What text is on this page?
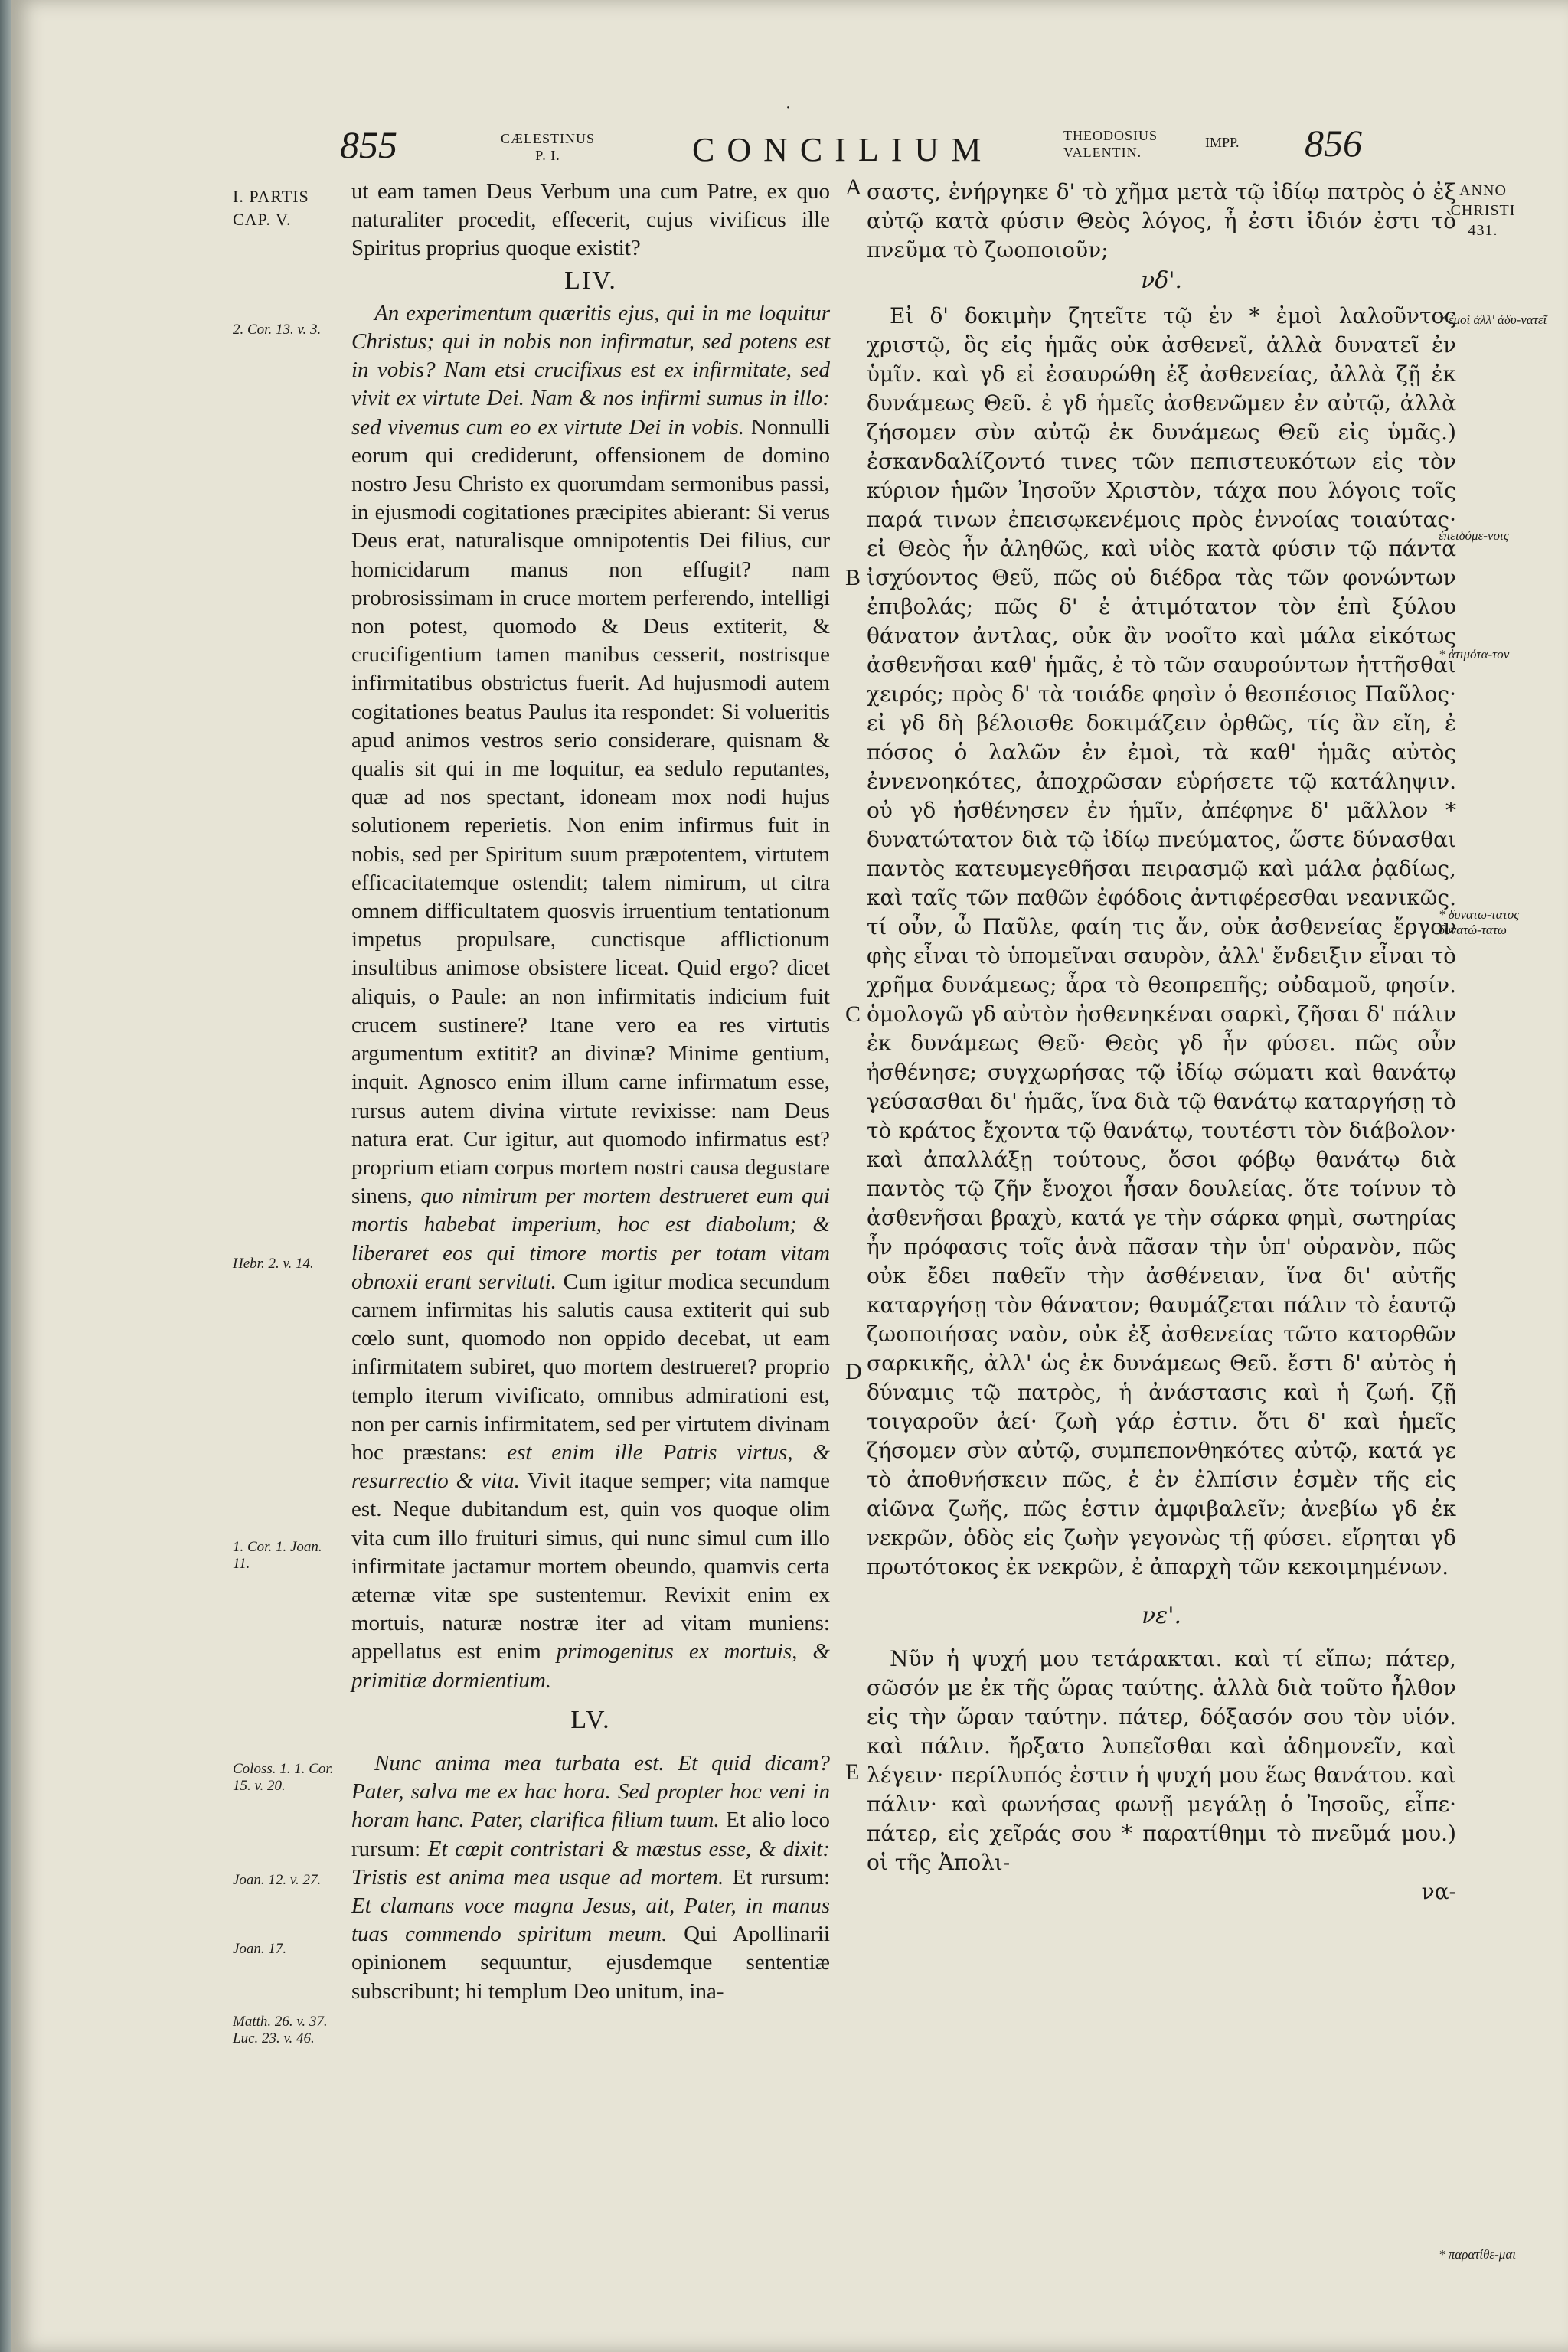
·
855	CÆLESTINUS
P. I.	CONCILIUM	THEODOSIUS
VALENTIN.
IMPP. 856
I. PARTIS
CAP. V.
ANNO
CHRISTI
431.
2. Cor. 13. v. 3.
Hebr. 2. v. 14.
1. Cor. 1. Joan. 11.
Coloss. 1. 1. Cor. 15. v. 20.
Joan. 12. v. 27.
Joan. 17.
Matth. 26. v. 37. Luc. 23. v. 46.
* ἐμοὶ ἀλλ' ἀδυ-νατεῖ
ἐπειδόμε-νοις
* ἀτιμότα-τον
* δυνατω-τατος δυνατώ-τατω
* παρατίθε-μαι
A
B
C
D
E

ut eam tamen Deus Verbum una cum Patre, ex quo naturaliter procedit, effecerit, cujus vivificus ille Spiritus proprius quoque existit?

LIV.

An experimentum quæritis ejus, qui in me loquitur Christus; qui in nobis non infirmatur, sed potens est in vobis? Nam etsi crucifixus est ex infirmitate, sed vivit ex virtute Dei. Nam & nos infirmi sumus in illo: sed vivemus cum eo ex virtute Dei in vobis. Nonnulli eorum qui crediderunt, offensionem de domino nostro Jesu Christo ex quorumdam sermonibus passi, in ejusmodi cogitationes præcipites abierant: Si verus Deus erat, naturalisque omnipotentis Dei filius, cur homicidarum manus non effugit? nam probrosissimam in cruce mortem perferendo, intelligi non potest, quomodo & Deus extiterit, & crucifigentium tamen manibus cesserit, nostrisque infirmitatibus obstrictus fuerit. Ad hujusmodi autem cogitationes beatus Paulus ita respondet: Si volueritis apud animos vestros serio considerare, quisnam & qualis sit qui in me loquitur, ea sedulo reputantes, quæ ad nos spectant, idoneam mox nodi hujus solutionem reperietis. Non enim infirmus fuit in nobis, sed per Spiritum suum præpotentem, virtutem efficacitatemque ostendit; talem nimirum, ut citra omnem difficultatem quosvis irruentium tentationum impetus propulsare, cunctisque afflictionum insultibus animose obsistere liceat. Quid ergo? dicet aliquis, o Paule: an non infirmitatis indicium fuit crucem sustinere? Itane vero ea res virtutis argumentum extitit? an divinæ? Minime gentium, inquit. Agnosco enim illum carne infirmatum esse, rursus autem divina virtute revixisse: nam Deus natura erat. Cur igitur, aut quomodo infirmatus est? proprium etiam corpus mortem nostri causa degustare sinens, quo nimirum per mortem destrueret eum qui mortis habebat imperium, hoc est diabolum; & liberaret eos qui timore mortis per totam vitam obnoxii erant servituti. Cum igitur modica secundum carnem infirmitas his salutis causa extiterit qui sub cœlo sunt, quomodo non oppido decebat, ut eam infirmitatem subiret, quo mortem destrueret? proprio templo iterum vivificato, omnibus admirationi est, non per carnis infirmitatem, sed per virtutem divinam hoc præstans: est enim ille Patris virtus, & resurrectio & vita. Vivit itaque semper; vita namque est. Neque dubitandum est, quin vos quoque olim vita cum illo fruituri simus, qui nunc simul cum illo infirmitate jactamur mortem obeundo, quamvis certa æternæ vitæ spe sustentemur. Revixit enim ex mortuis, naturæ nostræ iter ad vitam muniens: appellatus est enim primogenitus ex mortuis, & primitiæ dormientium.

LV.

Nunc anima mea turbata est. Et quid dicam? Pater, salva me ex hac hora. Sed propter hoc veni in horam hanc. Pater, clarifica filium tuum. Et alio loco rursum: Et cœpit contristari & mæstus esse, & dixit: Tristis est anima mea usque ad mortem. Et rursum: Et clamans voce magna Jesus, ait, Pater, in manus tuas commendo spiritum meum. Qui Apollinarii opinionem sequuntur, ejusdemque sententiæ subscribunt; hi templum Deo unitum, ina-

σαστς, ἐνήργηκε δ' τὸ χῆμα μετὰ τῷ ἰδίῳ πατρὸς ὁ ἐξ αὐτῷ κατὰ φύσιν Θεὸς λόγος, ἧ ἐστι ἰδιόν ἐστι τὸ πνεῦμα τὸ ζωοποιοῦν;

νδ'.

Εἰ δ' δοκιμὴν ζητεῖτε τῷ ἐν * ἐμοὶ λαλοῦντος χριστῷ, ὃς εἰς ἡμᾶς οὐκ ἀσθενεῖ, ἀλλὰ δυνατεῖ ἐν ὑμῖν. καὶ γδ εἰ ἐσαυρώθη ἐξ ἀσθενείας, ἀλλὰ ζῇ ἐκ δυνάμεως Θεῦ. ἐ γδ ἡμεῖς ἀσθενῶμεν ἐν αὐτῷ, ἀλλὰ ζήσομεν σὺν αὐτῷ ἐκ δυνάμεως Θεῦ εἰς ὑμᾶς.) ἐσκανδαλίζοντό τινες τῶν πεπιστευκότων εἰς τὸν κύριον ἡμῶν Ἰησοῦν Χριστὸν, τάχα που λόγοις τοῖς παρά τινων ἐπεισῳκενέμοις πρὸς ἐννοίας τοιαύτας· εἰ Θεὸς ἦν ἀληθῶς, καὶ υἱὸς κατὰ φύσιν τῷ πάντα ἰσχύοντος Θεῦ, πῶς οὐ διέδρα τὰς τῶν φονώντων ἐπιβολάς; πῶς δ' ἐ ἀτιμότατον τὸν ἐπὶ ξύλου θάνατον ἀντλας, οὐκ ἂν νοοῖτο καὶ μάλα εἰκότως ἀσθενῆσαι καθ' ἡμᾶς, ἐ τὸ τῶν σαυρούντων ἡττῆσθαι χειρός; πρὸς δ' τὰ τοιάδε φησὶν ὁ θεσπέσιος Παῦλος· εἰ γδ δὴ βέλοισθε δοκιμάζειν ὀρθῶς, τίς ἂν εἴη, ἐ πόσος ὁ λαλῶν ἐν ἐμοὶ, τὰ καθ' ἡμᾶς αὐτὸς ἐννενοηκότες, ἀποχρῶσαν εὑρήσετε τῷ κατάληψιν. οὐ γδ ἠσθένησεν ἐν ἡμῖν, ἀπέφηνε δ' μᾶλλον * δυνατώτατον διὰ τῷ ἰδίῳ πνεύματος, ὥστε δύνασθαι παντὸς κατευμεγεθῆσαι πειρασμῷ καὶ μάλα ῥᾳδίως, καὶ ταῖς τῶν παθῶν ἐφόδοις ἀντιφέρεσθαι νεανικῶς. τί οὖν, ὦ Παῦλε, φαίη τις ἄν, οὐκ ἀσθενείας ἔργον φὴς εἶναι τὸ ὑπομεῖναι σαυρὸν, ἀλλ' ἔνδειξιν εἶναι τὸ χρῆμα δυνάμεως; ἆρα τὸ θεοπρεπῆς; οὐδαμοῦ, φησίν. ὁμολογῶ γδ αὐτὸν ἠσθενηκέναι σαρκὶ, ζῆσαι δ' πάλιν ἐκ δυνάμεως Θεῦ· Θεὸς γδ ἦν φύσει. πῶς οὖν ἠσθένησε; συγχωρήσας τῷ ἰδίῳ σώματι καὶ θανάτῳ γεύσασθαι δι' ἡμᾶς, ἵνα διὰ τῷ θανάτῳ καταργήσῃ τὸ τὸ κράτος ἔχοντα τῷ θανάτῳ, τουτέστι τὸν διάβολον· καὶ ἀπαλλάξῃ τούτους, ὅσοι φόβῳ θανάτῳ διὰ παντὸς τῷ ζῆν ἔνοχοι ἦσαν δουλείας. ὅτε τοίνυν τὸ ἀσθενῆσαι βραχὺ, κατά γε τὴν σάρκα φημὶ, σωτηρίας ἦν πρόφασις τοῖς ἀνὰ πᾶσαν τὴν ὑπ' οὐρανὸν, πῶς οὐκ ἔδει παθεῖν τὴν ἀσθένειαν, ἵνα δι' αὐτῆς καταργήσῃ τὸν θάνατον; θαυμάζεται πάλιν τὸ ἑαυτῷ ζωοποιήσας ναὸν, οὐκ ἐξ ἀσθενείας τῶτο κατορθῶν σαρκικῆς, ἀλλ' ὡς ἐκ δυνάμεως Θεῦ. ἔστι δ' αὐτὸς ἡ δύναμις τῷ πατρὸς, ἡ ἀνάστασις καὶ ἡ ζωή. ζῇ τοιγαροῦν ἀεί· ζωὴ γάρ ἐστιν. ὅτι δ' καὶ ἡμεῖς ζήσομεν σὺν αὐτῷ, συμπεπονθηκότες αὐτῷ, κατά γε τὸ ἀποθνήσκειν πῶς, ἐ ἐν ἐλπίσιν ἐσμὲν τῆς εἰς αἰῶνα ζωῆς, πῶς ἐστιν ἀμφιβαλεῖν; ἀνεβίω γδ ἐκ νεκρῶν, ὁδὸς εἰς ζωὴν γεγονὼς τῇ φύσει. εἴρηται γδ πρωτότοκος ἐκ νεκρῶν, ἐ ἀπαρχὴ τῶν κεκοιμημένων.

νε'.

Νῦν ἡ ψυχή μου τετάρακται. καὶ τί εἴπω; πάτερ, σῶσόν με ἐκ τῆς ὥρας ταύτης. ἀλλὰ διὰ τοῦτο ἦλθον εἰς τὴν ὥραν ταύτην. πάτερ, δόξασόν σου τὸν υἱόν. καὶ πάλιν. ἤρξατο λυπεῖσθαι καὶ ἀδημονεῖν, καὶ λέγειν· περίλυπός ἐστιν ἡ ψυχή μου ἕως θανάτου. καὶ πάλιν· καὶ φωνήσας φωνῇ μεγάλῃ ὁ Ἰησοῦς, εἶπε· πάτερ, εἰς χεῖράς σου * παρατίθημι τὸ πνεῦμά μου.) οἱ τῆς Ἀπολι-

να-
